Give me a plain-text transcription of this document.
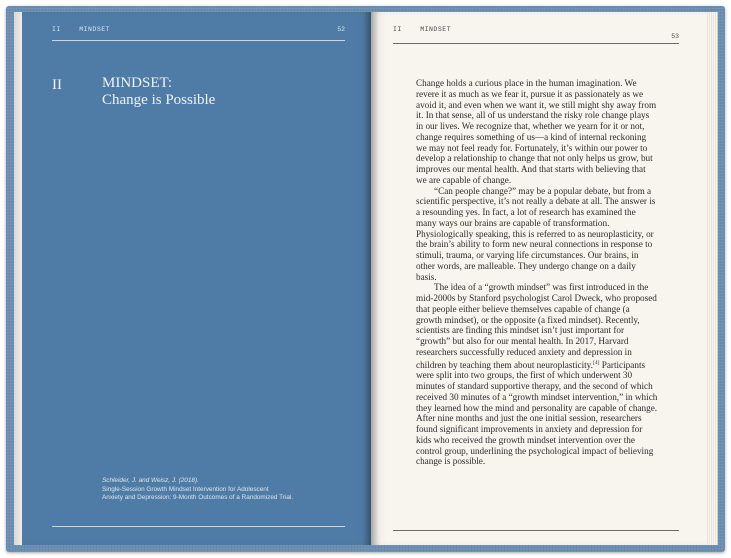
II	MINDSET	52
II	MINDSET:
Change is Possible
Schleider, J. and Weisz, J. (2018).
Single-Session Growth Mindset Intervention for Adolescent
Anxiety and Depression: 9-Month Outcomes of a Randomized Trial.
II	MINDSET
53

Change holds a curious place in the human imagination. We revere it as much as we fear it, pursue it as passionately as we avoid it, and even when we want it, we still might shy away from it. In that sense, all of us understand the risky role change plays in our lives. We recognize that, whether we yearn for it or not, change requires something of us—a kind of internal reckoning we may not feel ready for. Fortunately, it’s within our power to develop a relationship to change that not only helps us grow, but improves our mental health. And that starts with believing that we are capable of change.

“Can people change?” may be a popular debate, but from a scientific perspective, it’s not really a debate at all. The answer is a resounding yes. In fact, a lot of research has examined the many ways our brains are capable of transformation. Physiologically speaking, this is referred to as neuroplasticity, or the brain’s ability to form new neural connections in response to stimuli, trauma, or varying life circumstances. Our brains, in other words, are malleable. They undergo change on a daily basis.

The idea of a “growth mindset” was first introduced in the mid-2000s by Stanford psychologist Carol Dweck, who proposed that people either believe themselves capable of change (a growth mindset), or the opposite (a fixed mindset). Recently, scientists are finding this mindset isn’t just important for “growth” but also for our mental health. In 2017, Harvard researchers successfully reduced anxiety and depression in children by teaching them about neuroplasticity.[4] Participants were split into two groups, the first of which underwent 30 minutes of standard supportive therapy, and the second of which received 30 minutes of a “growth mindset intervention,” in which they learned how the mind and personality are capable of change. After nine months and just the one initial session, researchers found significant improvements in anxiety and depression for kids who received the growth mindset intervention over the control group, underlining the psychological impact of believing change is possible.
